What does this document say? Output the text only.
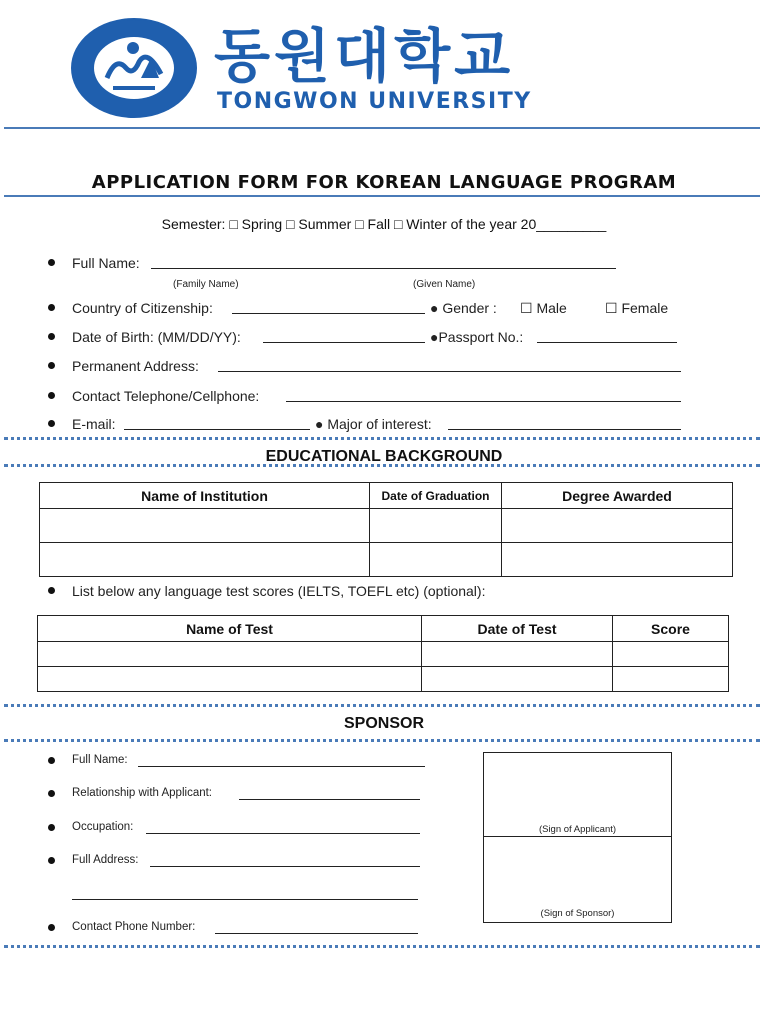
동원대학교
TONGWON UNIVERSITY
APPLICATION FORM FOR KOREAN LANGUAGE PROGRAM
Semester: □ Spring □ Summer □ Fall □ Winter of the year 20_________
Full Name:
(Family Name)	(Given Name)
Country of Citizenship:	● Gender : ☐ Male	☐ Female
Date of Birth: (MM/DD/YY):	●Passport No.:
Permanent Address:
Contact Telephone/Cellphone:
E-mail:	● Major of interest:
EDUCATIONAL BACKGROUND
Name of Institution	Date of Graduation	Degree Awarded

List below any language test scores (IELTS, TOEFL etc) (optional):
Name of Test	Date of Test	Score

SPONSOR
Full Name:
Relationship with Applicant:
Occupation:
Full Address:
Contact Phone Number:
(Sign of Applicant)
(Sign of Sponsor)
